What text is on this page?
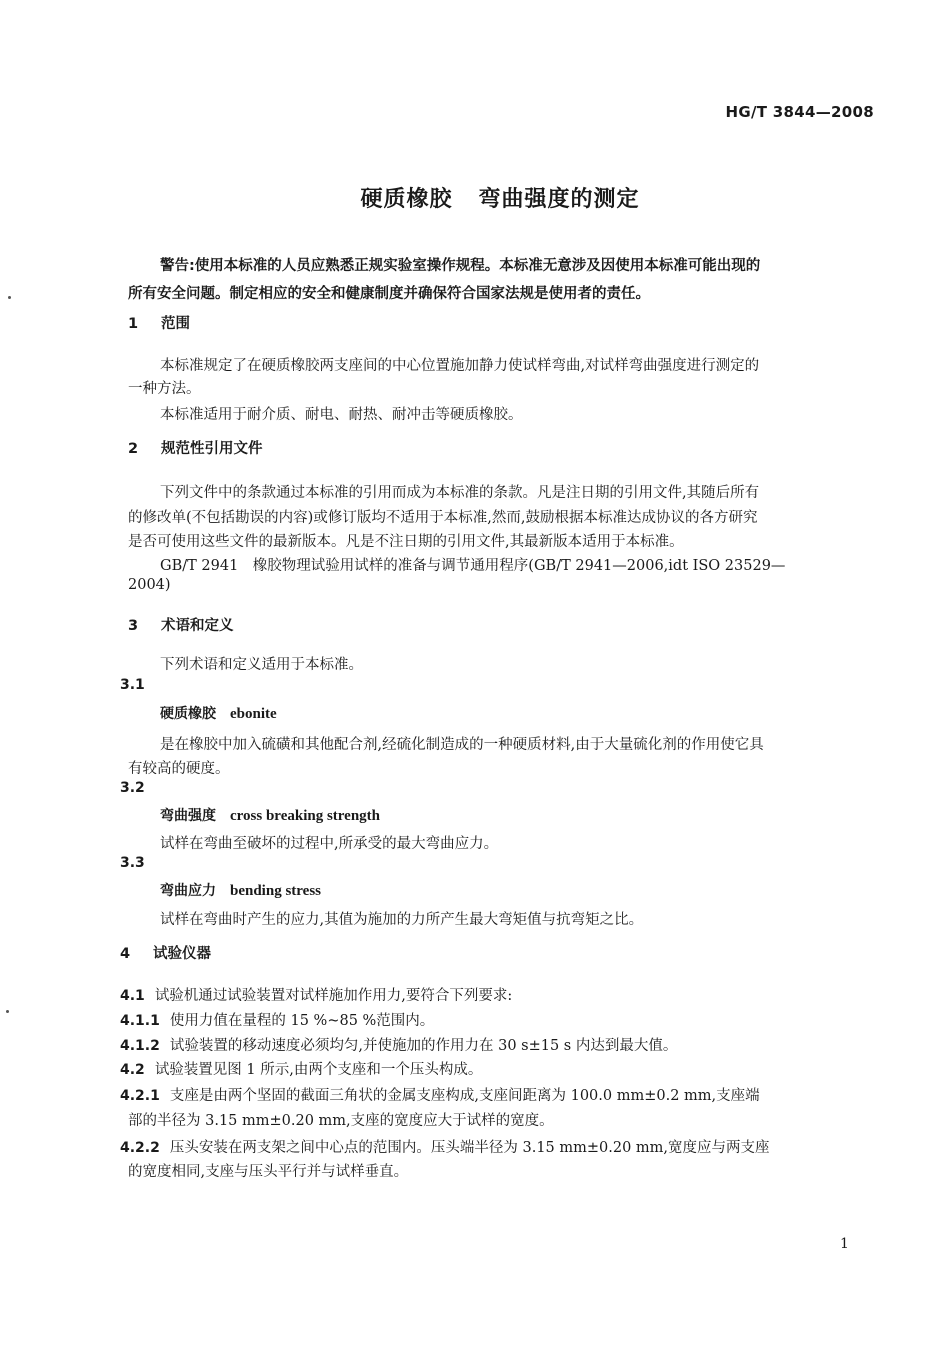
HG/T 3844—2008
硬质橡胶 弯曲强度的测定
警告:使用本标准的人员应熟悉正规实验室操作规程。本标准无意涉及因使用本标准可能出现的
所有安全问题。制定相应的安全和健康制度并确保符合国家法规是使用者的责任。
1 范围
本标准规定了在硬质橡胶两支座间的中心位置施加静力使试样弯曲,对试样弯曲强度进行测定的
一种方法。
本标准适用于耐介质、耐电、耐热、耐冲击等硬质橡胶。
2 规范性引用文件
下列文件中的条款通过本标准的引用而成为本标准的条款。凡是注日期的引用文件,其随后所有
的修改单(不包括勘误的内容)或修订版均不适用于本标准,然而,鼓励根据本标准达成协议的各方研究
是否可使用这些文件的最新版本。凡是不注日期的引用文件,其最新版本适用于本标准。
GB/T 2941　橡胶物理试验用试样的准备与调节通用程序(GB/T 2941—2006,idt ISO 23529—
2004)
3 术语和定义
下列术语和定义适用于本标准。
3.1
硬质橡胶 ebonite
是在橡胶中加入硫磺和其他配合剂,经硫化制造成的一种硬质材料,由于大量硫化剂的作用使它具
有较高的硬度。
3.2
弯曲强度 cross breaking strength
试样在弯曲至破坏的过程中,所承受的最大弯曲应力。
3.3
弯曲应力 bending stress
试样在弯曲时产生的应力,其值为施加的力所产生最大弯矩值与抗弯矩之比。
4 试验仪器
4.1 试验机通过试验装置对试样施加作用力,要符合下列要求:
4.1.1 使用力值在量程的 15 %~85 %范围内。
4.1.2 试验装置的移动速度必须均匀,并使施加的作用力在 30 s±15 s 内达到最大值。
4.2 试验装置见图 1 所示,由两个支座和一个压头构成。
4.2.1 支座是由两个坚固的截面三角状的金属支座构成,支座间距离为 100.0 mm±0.2 mm,支座端
部的半径为 3.15 mm±0.20 mm,支座的宽度应大于试样的宽度。
4.2.2 压头安装在两支架之间中心点的范围内。压头端半径为 3.15 mm±0.20 mm,宽度应与两支座
的宽度相同,支座与压头平行并与试样垂直。
1
